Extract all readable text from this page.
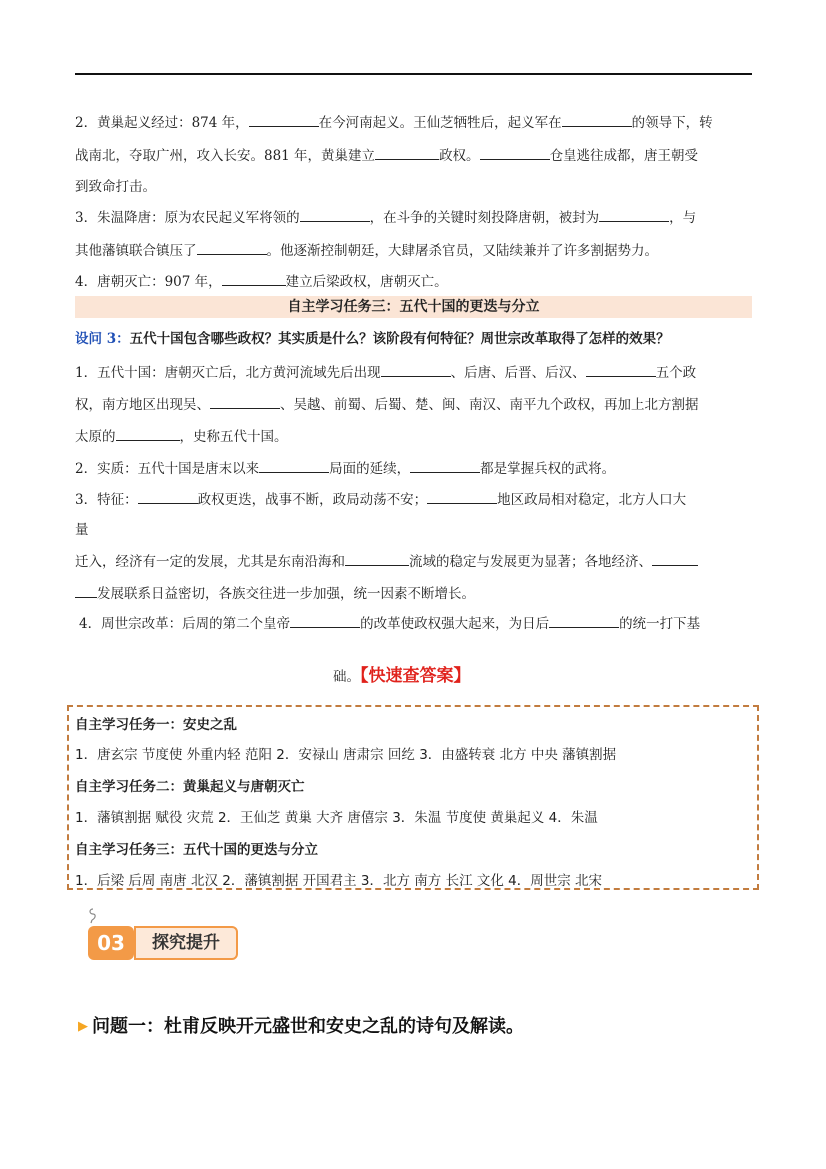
2．黄巢起义经过：874 年，	在今河南起义。王仙芝牺牲后，起义军在	的领导下，转
战南北，夺取广州，攻入长安。881 年，黄巢建立	政权。	仓皇逃往成都，唐王朝受
到致命打击。
3．朱温降唐：原为农民起义军将领的	，在斗争的关键时刻投降唐朝，被封为	，与
其他藩镇联合镇压了	。他逐渐控制朝廷，大肆屠杀官员，又陆续兼并了许多割据势力。
4．唐朝灭亡：907 年，	建立后梁政权，唐朝灭亡。
自主学习任务三：五代十国的更迭与分立
设问 3：五代十国包含哪些政权？其实质是什么？该阶段有何特征？周世宗改革取得了怎样的效果？
1．五代十国：唐朝灭亡后，北方黄河流域先后出现	、后唐、后晋、后汉、	五个政
权，南方地区出现吴、	、吴越、前蜀、后蜀、楚、闽、南汉、南平九个政权，再加上北方割据
太原的	，史称五代十国。
2．实质：五代十国是唐末以来	局面的延续，	都是掌握兵权的武将。
3．特征：	政权更迭，战事不断，政局动荡不安；	地区政局相对稳定，北方人口大
量
迁入，经济有一定的发展，尤其是东南沿海和	流域的稳定与发展更为显著；各地经济、
发展联系日益密切，各族交往进一步加强，统一因素不断增长。
4．周世宗改革：后周的第二个皇帝	的改革使政权强大起来，为日后	的统一打下基
础。【快速查答案】
自主学习任务一：安史之乱
1．唐玄宗 节度使 外重内轻 范阳 2．安禄山 唐肃宗 回纥 3．由盛转衰 北方 中央 藩镇割据
自主学习任务二：黄巢起义与唐朝灭亡
1．藩镇割据 赋役 灾荒 2．王仙芝 黄巢 大齐 唐僖宗 3．朱温 节度使 黄巢起义 4．朱温
自主学习任务三：五代十国的更迭与分立
1．后梁 后周 南唐 北汉 2．藩镇割据 开国君主 3．北方 南方 长江 文化 4．周世宗 北宋
03	探究提升
▶ 问题一：杜甫反映开元盛世和安史之乱的诗句及解读。
